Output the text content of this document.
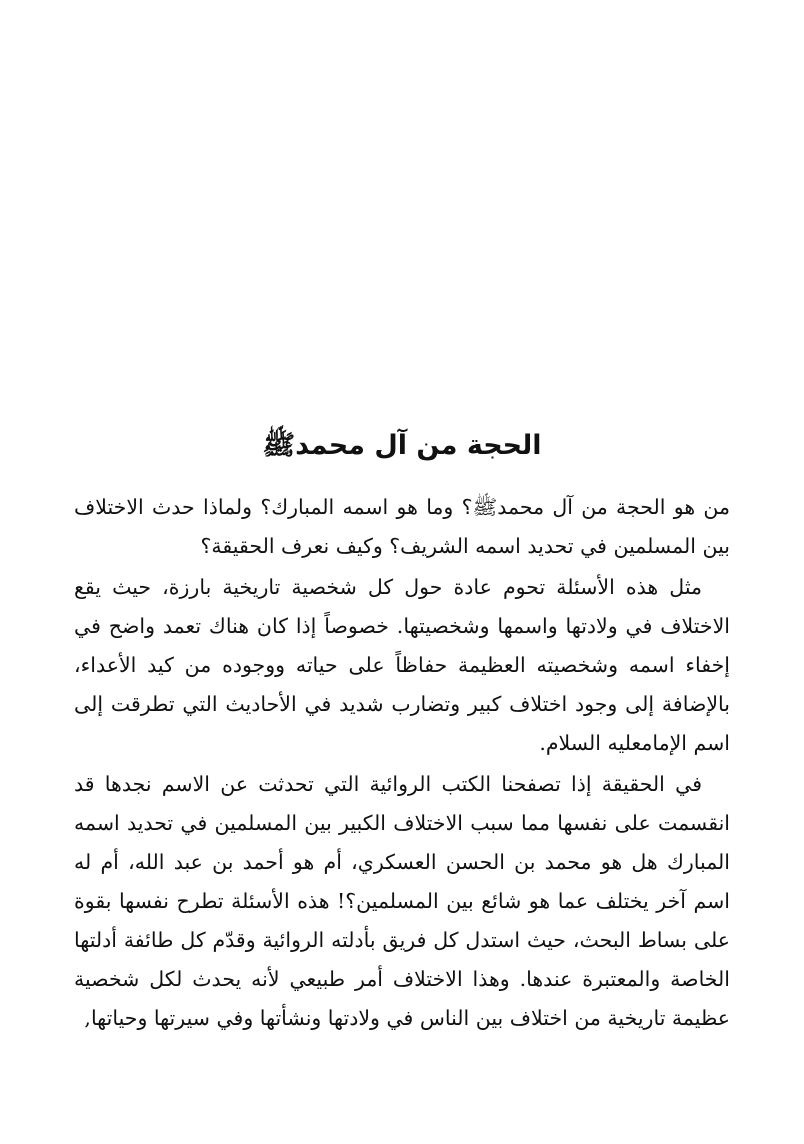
الحجة من آل محمدﷺ

من هو الحجة من آل محمدﷺ؟ وما هو اسمه المبارك؟ ولماذا حدث الاختلاف بين المسلمين في تحديد اسمه الشريف؟ وكيف نعرف الحقيقة؟

مثل هذه الأسئلة تحوم عادة حول كل شخصية تاريخية بارزة، حيث يقع الاختلاف في ولادتها واسمها وشخصيتها. خصوصاً إذا كان هناك تعمد واضح في إخفاء اسمه وشخصيته العظيمة حفاظاً على حياته ووجوده من كيد الأعداء، بالإضافة إلى وجود اختلاف كبير وتضارب شديد في الأحاديث التي تطرقت إلى اسم الإمامعليه السلام.

في الحقيقة إذا تصفحنا الكتب الروائية التي تحدثت عن الاسم نجدها قد انقسمت على نفسها مما سبب الاختلاف الكبير بين المسلمين في تحديد اسمه المبارك هل هو محمد بن الحسن العسكري، أم هو أحمد بن عبد الله، أم له اسم آخر يختلف عما هو شائع بين المسلمين؟! هذه الأسئلة تطرح نفسها بقوة على بساط البحث، حيث استدل كل فريق بأدلته الروائية وقدّم كل طائفة أدلتها الخاصة والمعتبرة عندها. وهذا الاختلاف أمر طبيعي لأنه يحدث لكل شخصية عظيمة تاريخية من اختلاف بين الناس في ولادتها ونشأتها وفي سيرتها وحياتها,
